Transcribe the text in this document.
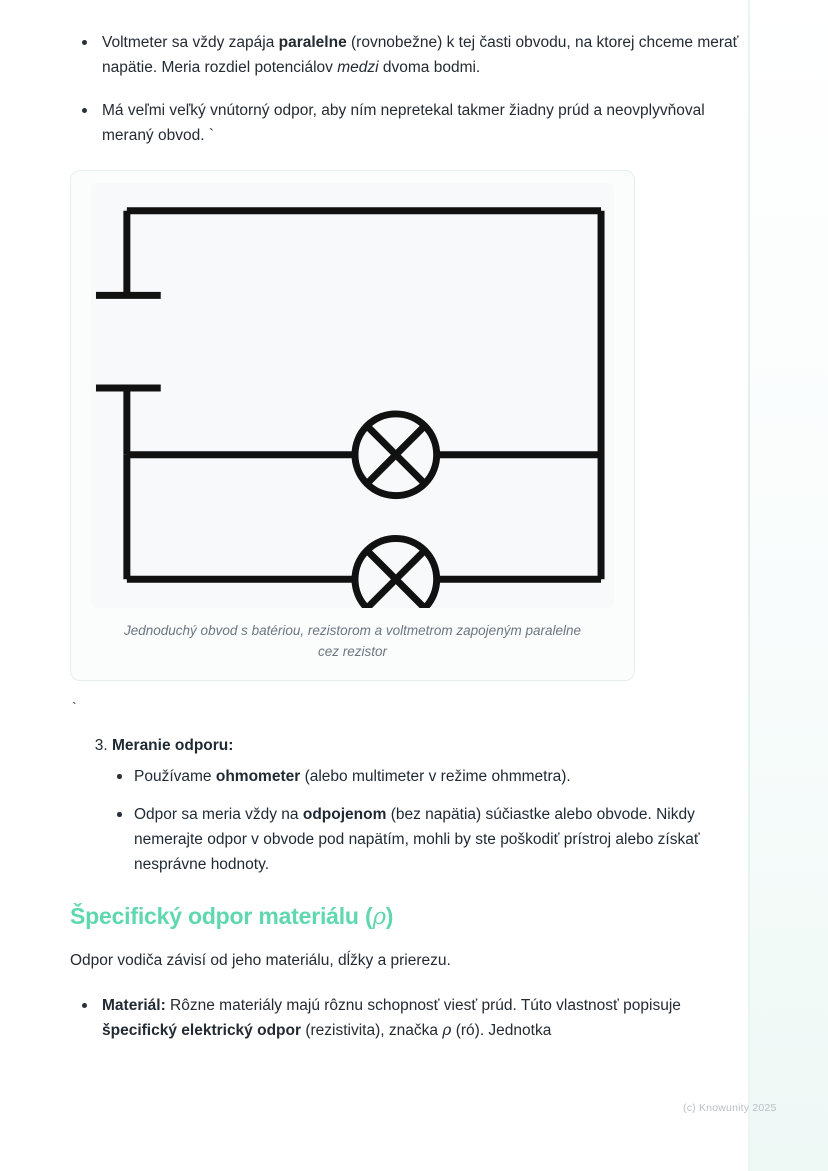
Voltmeter sa vždy zapája paralelne (rovnobežne) k tej časti obvodu, na ktorej chceme merať napätie. Meria rozdiel potenciálov medzi dvoma bodmi.
Má veľmi veľký vnútorný odpor, aby ním nepretekal takmer žiadny prúd a neovplyvňoval meraný obvod. `
Jednoduchý obvod s batériou, rezistorom a voltmetrom zapojeným paralelne cez rezistor
`
3. Meranie odporu:
Používame ohmometer (alebo multimeter v režime ohmmetra).
Odpor sa meria vždy na odpojenom (bez napätia) súčiastke alebo obvode. Nikdy nemerajte odpor v obvode pod napätím, mohli by ste poškodiť prístroj alebo získať nesprávne hodnoty.
Špecifický odpor materiálu (ρ)

Odpor vodiča závisí od jeho materiálu, dĺžky a prierezu.

Materiál: Rôzne materiály majú rôznu schopnosť viesť prúd. Túto vlastnosť popisuje špecifický elektrický odpor (rezistivita), značka ρ (ró). Jednotka
(c) Knowunity 2025
